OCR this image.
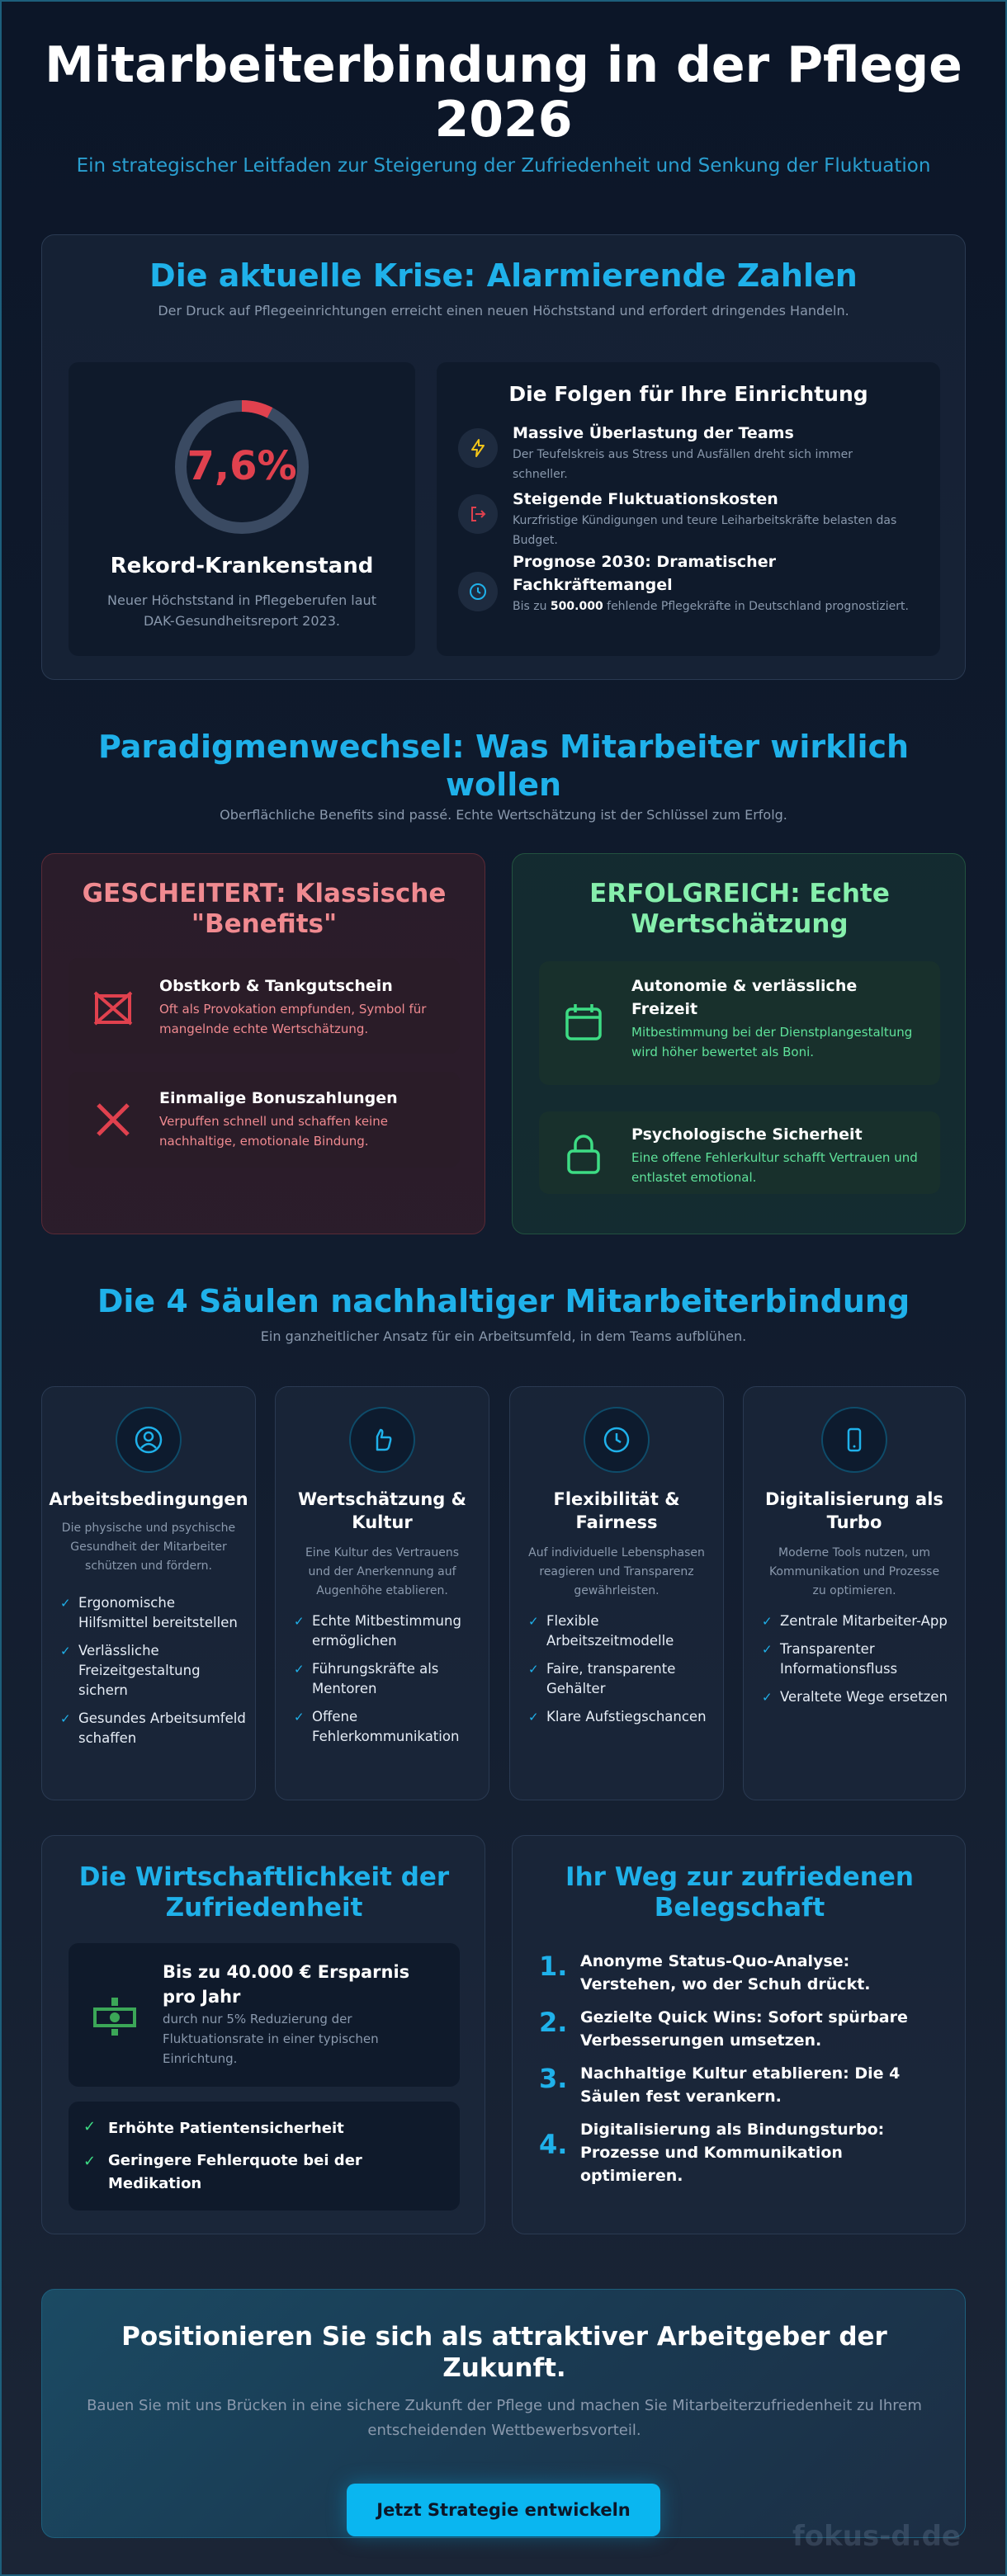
Mitarbeiterbindung in der Pflege 2026
Ein strategischer Leitfaden zur Steigerung der Zufriedenheit und Senkung der Fluktuation
Die aktuelle Krise: Alarmierende Zahlen
Der Druck auf Pflegeeinrichtungen erreicht einen neuen Höchststand und erfordert dringendes Handeln.
7,6%
Rekord-Krankenstand
Neuer Höchststand in Pflegeberufen laut DAK-Gesundheitsreport 2023.
Die Folgen für Ihre Einrichtung
Massive Überlastung der Teams
Der Teufelskreis aus Stress und Ausfällen dreht sich immer schneller.
Steigende Fluktuationskosten
Kurzfristige Kündigungen und teure Leiharbeitskräfte belasten das Budget.
Prognose 2030: Dramatischer Fachkräftemangel
Bis zu 500.000 fehlende Pflegekräfte in Deutschland prognostiziert.
Paradigmenwechsel: Was Mitarbeiter wirklich wollen
Oberflächliche Benefits sind passé. Echte Wertschätzung ist der Schlüssel zum Erfolg.
GESCHEITERT: Klassische "Benefits"
Obstkorb & Tankgutschein
Oft als Provokation empfunden, Symbol für mangelnde echte Wertschätzung.
Einmalige Bonuszahlungen
Verpuffen schnell und schaffen keine nachhaltige, emotionale Bindung.
ERFOLGREICH: Echte Wertschätzung
Autonomie & verlässliche Freizeit
Mitbestimmung bei der Dienstplangestaltung wird höher bewertet als Boni.
Psychologische Sicherheit
Eine offene Fehlerkultur schafft Vertrauen und entlastet emotional.
Die 4 Säulen nachhaltiger Mitarbeiterbindung
Ein ganzheitlicher Ansatz für ein Arbeitsumfeld, in dem Teams aufblühen.
Arbeitsbedingungen
Die physische und psychische Gesundheit der Mitarbeiter schützen und fördern.
✓ Ergonomische Hilfsmittel bereitstellen
✓ Verlässliche Freizeitgestaltung sichern
✓ Gesundes Arbeitsumfeld schaffen
Wertschätzung & Kultur
Eine Kultur des Vertrauens und der Anerkennung auf Augenhöhe etablieren.
✓ Echte Mitbestimmung ermöglichen
✓ Führungskräfte als Mentoren
✓ Offene Fehlerkommunikation
Flexibilität & Fairness
Auf individuelle Lebensphasen reagieren und Transparenz gewährleisten.
✓ Flexible Arbeitszeitmodelle
✓ Faire, transparente Gehälter
✓ Klare Aufstiegschancen
Digitalisierung als Turbo
Moderne Tools nutzen, um Kommunikation und Prozesse zu optimieren.
✓ Zentrale Mitarbeiter-App
✓ Transparenter Informationsfluss
✓ Veraltete Wege ersetzen
Die Wirtschaftlichkeit der Zufriedenheit
Bis zu 40.000 € Ersparnis pro Jahr
durch nur 5% Reduzierung der Fluktuationsrate in einer typischen Einrichtung.
✓ Erhöhte Patientensicherheit
✓ Geringere Fehlerquote bei der Medikation
Ihr Weg zur zufriedenen Belegschaft
1. Anonyme Status-Quo-Analyse: Verstehen, wo der Schuh drückt.
2. Gezielte Quick Wins: Sofort spürbare Verbesserungen umsetzen.
3. Nachhaltige Kultur etablieren: Die 4 Säulen fest verankern.
4. Digitalisierung als Bindungsturbo: Prozesse und Kommunikation optimieren.
Positionieren Sie sich als attraktiver Arbeitgeber der Zukunft.
Bauen Sie mit uns Brücken in eine sichere Zukunft der Pflege und machen Sie Mitarbeiterzufriedenheit zu Ihrem entscheidenden Wettbewerbsvorteil.
Jetzt Strategie entwickeln
fokus-d.de
